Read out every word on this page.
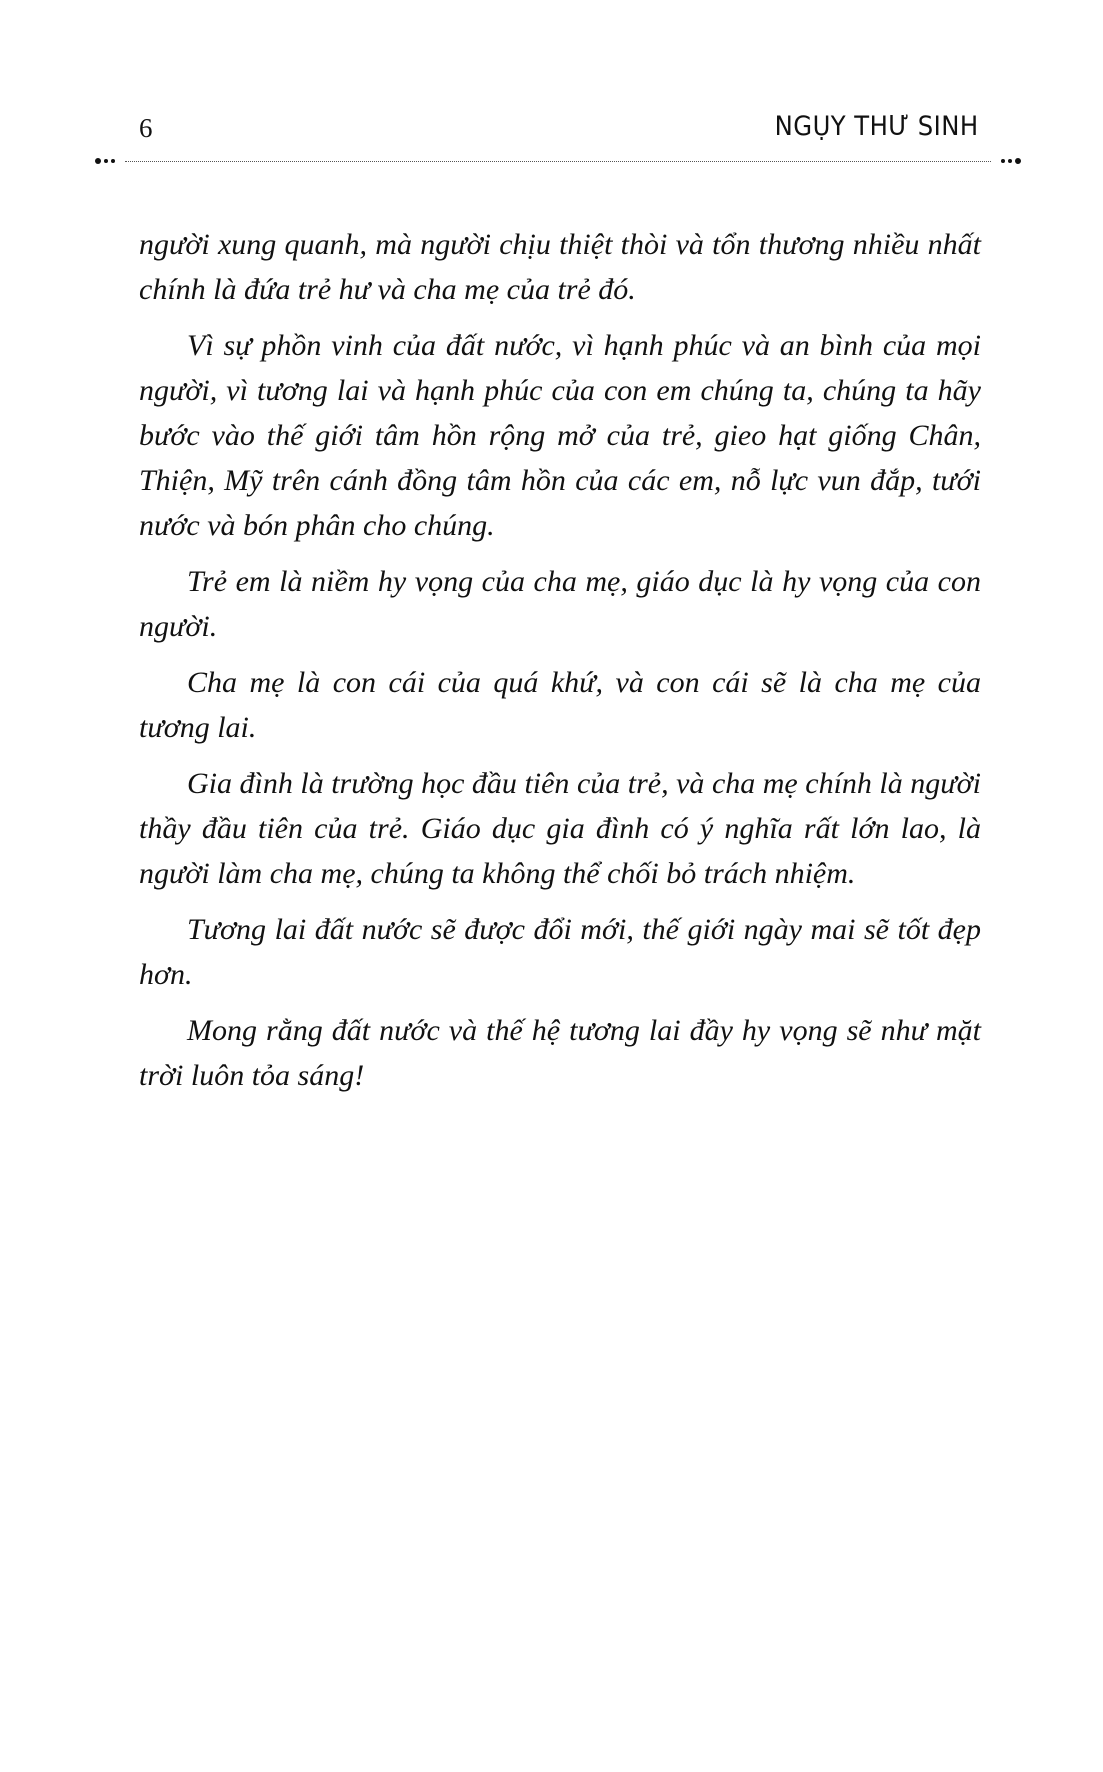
6	NGỤY THƯ SINH

người xung quanh, mà người chịu thiệt thòi và tổn thương nhiều nhất chính là đứa trẻ hư và cha mẹ của trẻ đó.

Vì sự phồn vinh của đất nước, vì hạnh phúc và an bình của mọi người, vì tương lai và hạnh phúc của con em chúng ta, chúng ta hãy bước vào thế giới tâm hồn rộng mở của trẻ, gieo hạt giống Chân, Thiện, Mỹ trên cánh đồng tâm hồn của các em, nỗ lực vun đắp, tưới nước và bón phân cho chúng.

Trẻ em là niềm hy vọng của cha mẹ, giáo dục là hy vọng của con người.

Cha mẹ là con cái của quá khứ, và con cái sẽ là cha mẹ của tương lai.

Gia đình là trường học đầu tiên của trẻ, và cha mẹ chính là người thầy đầu tiên của trẻ. Giáo dục gia đình có ý nghĩa rất lớn lao, là người làm cha mẹ, chúng ta không thể chối bỏ trách nhiệm.

Tương lai đất nước sẽ được đổi mới, thế giới ngày mai sẽ tốt đẹp hơn.

Mong rằng đất nước và thế hệ tương lai đầy hy vọng sẽ như mặt trời luôn tỏa sáng!
